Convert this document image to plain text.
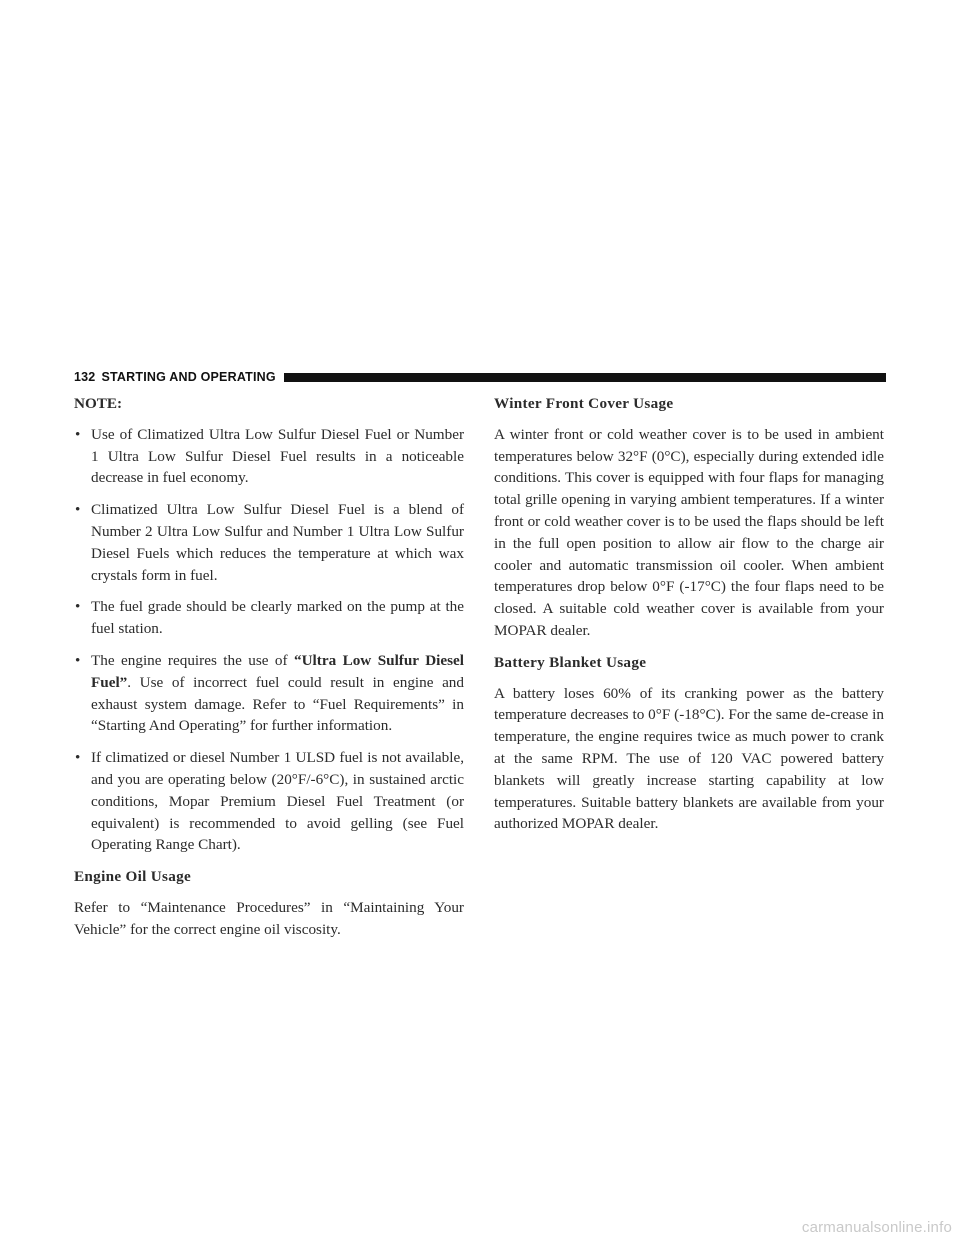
132 STARTING AND OPERATING
NOTE:
• Use of Climatized Ultra Low Sulfur Diesel Fuel or Number 1 Ultra Low Sulfur Diesel Fuel results in a noticeable decrease in fuel economy.
• Climatized Ultra Low Sulfur Diesel Fuel is a blend of Number 2 Ultra Low Sulfur and Number 1 Ultra Low Sulfur Diesel Fuels which reduces the temperature at which wax crystals form in fuel.
• The fuel grade should be clearly marked on the pump at the fuel station.
• The engine requires the use of “Ultra Low Sulfur Diesel Fuel”. Use of incorrect fuel could result in engine and exhaust system damage. Refer to “Fuel Requirements” in “Starting And Operating” for further information.
• If climatized or diesel Number 1 ULSD fuel is not available, and you are operating below (20°F/-6°C), in sustained arctic conditions, Mopar Premium Diesel Fuel Treatment (or equivalent) is recommended to avoid gelling (see Fuel Operating Range Chart).
Engine Oil Usage

Refer to “Maintenance Procedures” in “Maintaining Your Vehicle” for the correct engine oil viscosity.

Winter Front Cover Usage

A winter front or cold weather cover is to be used in ambient temperatures below 32°F (0°C), especially during extended idle conditions. This cover is equipped with four flaps for managing total grille opening in varying ambient temperatures. If a winter front or cold weather cover is to be used the flaps should be left in the full open position to allow air flow to the charge air cooler and automatic transmission oil cooler. When ambient temperatures drop below 0°F (-17°C) the four flaps need to be closed. A suitable cold weather cover is available from your MOPAR dealer.

Battery Blanket Usage

A battery loses 60% of its cranking power as the battery temperature decreases to 0°F (-18°C). For the same de-crease in temperature, the engine requires twice as much power to crank at the same RPM. The use of 120 VAC powered battery blankets will greatly increase starting capability at low temperatures. Suitable battery blankets are available from your authorized MOPAR dealer.

carmanualsonline.info
